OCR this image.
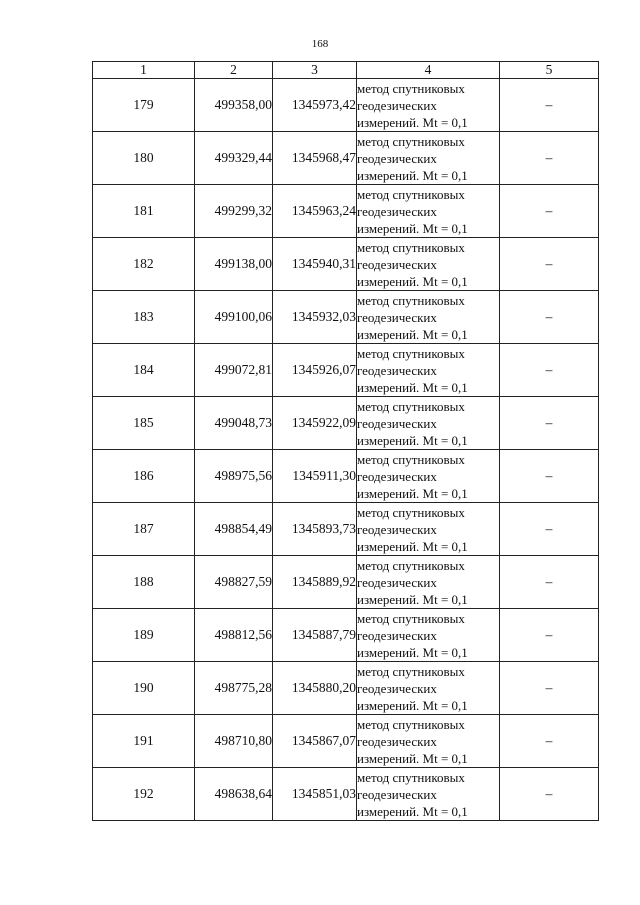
168
1	2	3	4	5
179	499358,00	1345973,42	метод спутниковых
геодезических
измерений. Mt = 0,1	–
180	499329,44	1345968,47	метод спутниковых
геодезических
измерений. Mt = 0,1	–
181	499299,32	1345963,24	метод спутниковых
геодезических
измерений. Mt = 0,1	–
182	499138,00	1345940,31	метод спутниковых
геодезических
измерений. Mt = 0,1	–
183	499100,06	1345932,03	метод спутниковых
геодезических
измерений. Mt = 0,1	–
184	499072,81	1345926,07	метод спутниковых
геодезических
измерений. Mt = 0,1	–
185	499048,73	1345922,09	метод спутниковых
геодезических
измерений. Mt = 0,1	–
186	498975,56	1345911,30	метод спутниковых
геодезических
измерений. Mt = 0,1	–
187	498854,49	1345893,73	метод спутниковых
геодезических
измерений. Mt = 0,1	–
188	498827,59	1345889,92	метод спутниковых
геодезических
измерений. Mt = 0,1	–
189	498812,56	1345887,79	метод спутниковых
геодезических
измерений. Mt = 0,1	–
190	498775,28	1345880,20	метод спутниковых
геодезических
измерений. Mt = 0,1	–
191	498710,80	1345867,07	метод спутниковых
геодезических
измерений. Mt = 0,1	–
192	498638,64	1345851,03	метод спутниковых
геодезических
измерений. Mt = 0,1	–
